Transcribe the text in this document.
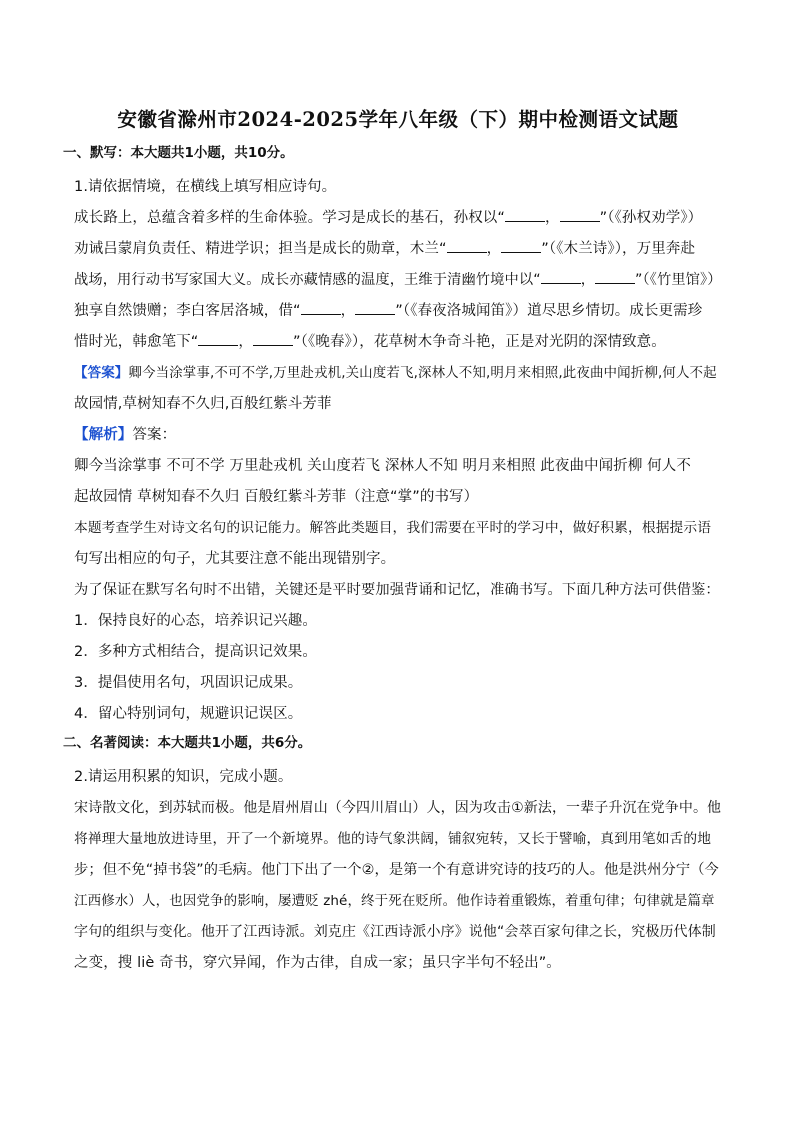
安徽省滁州市2024-2025学年八年级（下）期中检测语文试题
一、默写：本大题共1小题，共10分。
1.请依据情境，在横线上填写相应诗句。
成长路上，总蕴含着多样的生命体验。学习是成长的基石，孙权以“	，	”（《孙权劝学》）
劝诫吕蒙肩负责任、精进学识；担当是成长的勋章，木兰“	，	”（《木兰诗》），万里奔赴
战场，用行动书写家国大义。成长亦藏情感的温度，王维于清幽竹境中以“	，	”（《竹里馆》）
独享自然馈赠；李白客居洛城，借“	，	”（《春夜洛城闻笛》）道尽思乡情切。成长更需珍
惜时光，韩愈笔下“	，	”（《晚春》），花草树木争奇斗艳，正是对光阴的深情致意。
【答案】卿今当涂掌事,不可不学,万里赴戎机,关山度若飞,深林人不知,明月来相照,此夜曲中闻折柳,何人不起
故园情,草树知春不久归,百般红紫斗芳菲
【解析】答案：
卿今当涂掌事 不可不学 万里赴戎机 关山度若飞 深林人不知 明月来相照 此夜曲中闻折柳 何人不
起故园情 草树知春不久归 百般红紫斗芳菲（注意“掌”的书写）
本题考查学生对诗文名句的识记能力。解答此类题目，我们需要在平时的学习中，做好积累，根据提示语
句写出相应的句子，尤其要注意不能出现错别字。
为了保证在默写名句时不出错，关键还是平时要加强背诵和记忆，准确书写。下面几种方法可供借鉴：
1．保持良好的心态，培养识记兴趣。
2．多种方式相结合，提高识记效果。
3．提倡使用名句，巩固识记成果。
4．留心特别词句，规避识记误区。
二、名著阅读：本大题共1小题，共6分。
2.请运用积累的知识，完成小题。
宋诗散文化，到苏轼而极。他是眉州眉山（今四川眉山）人，因为攻击①新法，一辈子升沉在党争中。他
将禅理大量地放进诗里，开了一个新境界。他的诗气象洪阔，铺叙宛转，又长于譬喻，真到用笔如舌的地
步；但不免“掉书袋”的毛病。他门下出了一个②，是第一个有意讲究诗的技巧的人。他是洪州分宁（今
江西修水）人，也因党争的影响，屡遭贬 zhé，终于死在贬所。他作诗着重锻炼，着重句律；句律就是篇章
字句的组织与变化。他开了江西诗派。刘克庄《江西诗派小序》说他“会萃百家句律之长，究极历代体制
之变，搜 liè 奇书，穿穴异闻，作为古律，自成一家；虽只字半句不轻出”。
